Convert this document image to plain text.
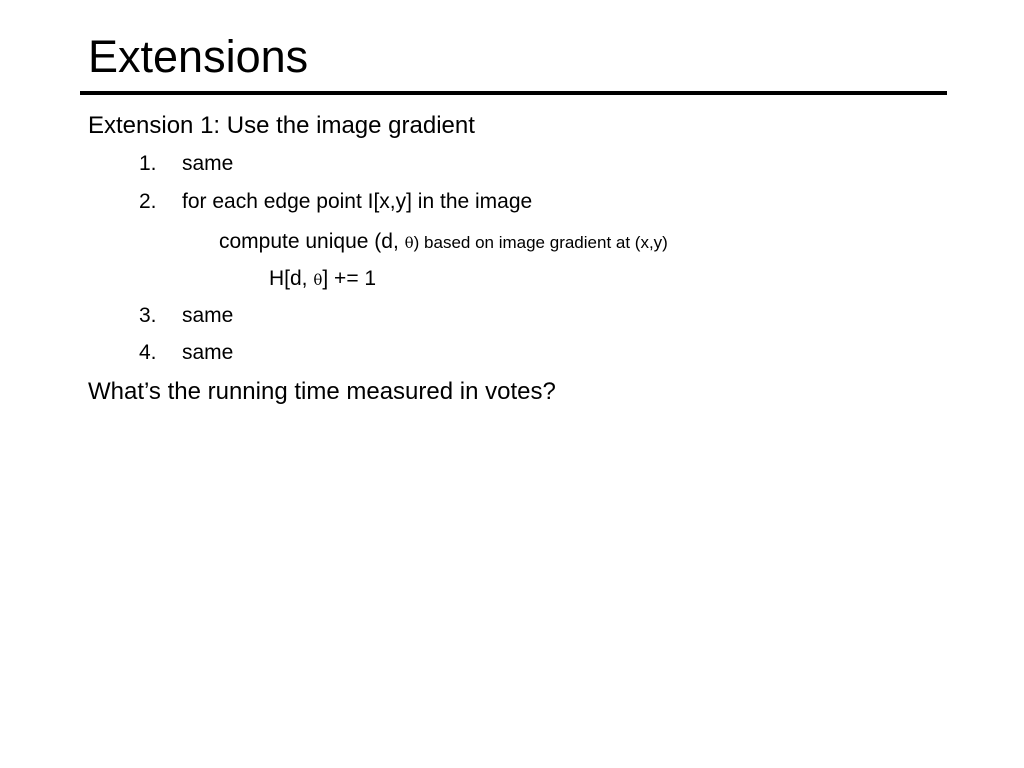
Extensions

Extension 1: Use the image gradient

1. same

2. for each edge point I[x,y] in the image

compute unique (d, θ) based on image gradient at (x,y)

H[d, θ] += 1

3. same

4. same

What’s the running time measured in votes?
